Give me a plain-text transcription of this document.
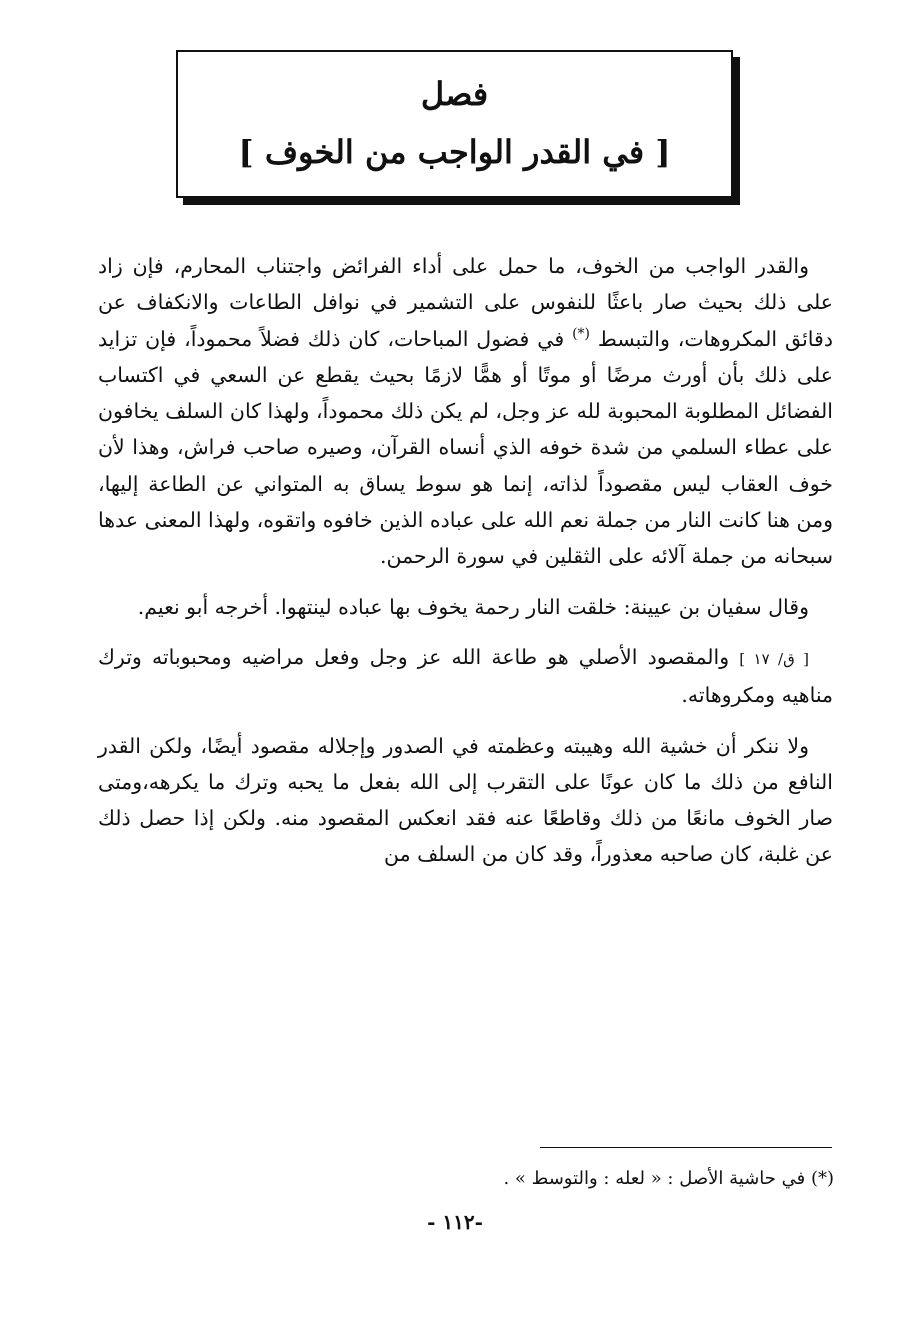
فصل
[ في القدر الواجب من الخوف ]

والقدر الواجب من الخوف، ما حمل على أداء الفرائض واجتناب المحارم، فإن زاد على ذلك بحيث صار باعثًا للنفوس على التشمير في نوافل الطاعات والانكفاف عن دقائق المكروهات، والتبسط (*) في فضول المباحات، كان ذلك فضلاً محموداً، فإن تزايد على ذلك بأن أورث مرضًا أو موتًا أو همًّا لازمًا بحيث يقطع عن السعي في اكتساب الفضائل المطلوبة المحبوبة لله عز وجل، لم يكن ذلك محموداً، ولهذا كان السلف يخافون على عطاء السلمي من شدة خوفه الذي أنساه القرآن، وصيره صاحب فراش، وهذا لأن خوف العقاب ليس مقصوداً لذاته، إنما هو سوط يساق به المتواني عن الطاعة إليها، ومن هنا كانت النار من جملة نعم الله على عباده الذين خافوه واتقوه، ولهذا المعنى عدها سبحانه من جملة آلائه على الثقلين في سورة الرحمن.

وقال سفيان بن عيينة: خلقت النار رحمة يخوف بها عباده لينتهوا. أخرجه أبو نعيم.

[ ق/ ١٧ ] والمقصود الأصلي هو طاعة الله عز وجل وفعل مراضيه ومحبوباته وترك مناهيه ومكروهاته.

ولا ننكر أن خشية الله وهيبته وعظمته في الصدور وإجلاله مقصود أيضًا، ولكن القدر النافع من ذلك ما كان عونًا على التقرب إلى الله بفعل ما يحبه وترك ما يكرهه،ومتى صار الخوف مانعًا من ذلك وقاطعًا عنه فقد انعكس المقصود منه. ولكن إذا حصل ذلك عن غلبة، كان صاحبه معذوراً، وقد كان من السلف من

(*) في حاشية الأصل : « لعله : والتوسط » .
- ١١٢-
